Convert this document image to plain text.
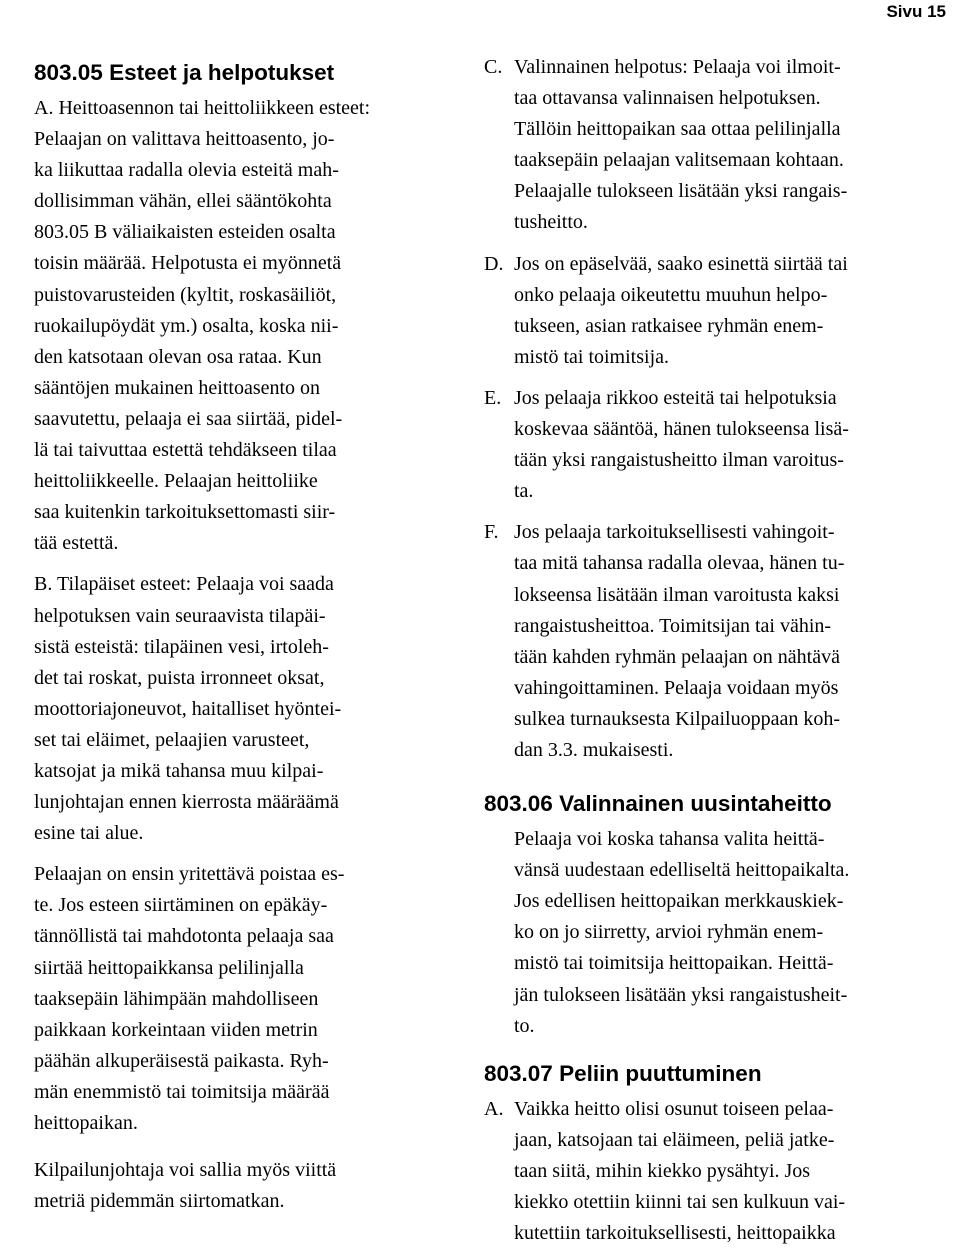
Sivu 15
803.05 Esteet ja helpotukset
A. Heittoasennon tai heittoliikkeen esteet:
Pelaajan on valittava heittoasento, jo-
ka liikuttaa radalla olevia esteitä mah-
dollisimman vähän, ellei sääntökohta
803.05 B väliaikaisten esteiden osalta
toisin määrää. Helpotusta ei myönnetä
puistovarusteiden (kyltit, roskasäiliöt,
ruokailupöydät ym.) osalta, koska nii-
den katsotaan olevan osa rataa. Kun
sääntöjen mukainen heittoasento on
saavutettu, pelaaja ei saa siirtää, pidel-
lä tai taivuttaa estettä tehdäkseen tilaa
heittoliikkeelle. Pelaajan heittoliike
saa kuitenkin tarkoituksettomasti siir-
tää estettä.
B. Tilapäiset esteet: Pelaaja voi saada
helpotuksen vain seuraavista tilapäi-
sistä esteistä: tilapäinen vesi, irtoleh-
det tai roskat, puista irronneet oksat,
moottoriajoneuvot, haitalliset hyöntei-
set tai eläimet, pelaajien varusteet,
katsojat ja mikä tahansa muu kilpai-
lunjohtajan ennen kierrosta määräämä
esine tai alue.
Pelaajan on ensin yritettävä poistaa es-
te. Jos esteen siirtäminen on epäkäy-
tännöllistä tai mahdotonta pelaaja saa
siirtää heittopaikkansa pelilinjalla
taaksepäin lähimpään mahdolliseen
paikkaan korkeintaan viiden metrin
päähän alkuperäisestä paikasta. Ryh-
män enemmistö tai toimitsija määrää
heittopaikan.
Kilpailunjohtaja voi sallia myös viittä
metriä pidemmän siirtomatkan.
C. Valinnainen helpotus: Pelaaja voi ilmoit-
taa ottavansa valinnaisen helpotuksen.
Tällöin heittopaikan saa ottaa pelilinjalla
taaksepäin pelaajan valitsemaan kohtaan.
Pelaajalle tulokseen lisätään yksi rangais-
tusheitto.
D. Jos on epäselvää, saako esinettä siirtää tai
onko pelaaja oikeutettu muuhun helpo-
tukseen, asian ratkaisee ryhmän enem-
mistö tai toimitsija.
E. Jos pelaaja rikkoo esteitä tai helpotuksia
koskevaa sääntöä, hänen tulokseensa lisä-
tään yksi rangaistusheitto ilman varoitus-
ta.
F. Jos pelaaja tarkoituksellisesti vahingoit-
taa mitä tahansa radalla olevaa, hänen tu-
lokseensa lisätään ilman varoitusta kaksi
rangaistusheittoa. Toimitsijan tai vähin-
tään kahden ryhmän pelaajan on nähtävä
vahingoittaminen. Pelaaja voidaan myös
sulkea turnauksesta Kilpailuoppaan koh-
dan 3.3. mukaisesti.
803.06 Valinnainen uusintaheitto
Pelaaja voi koska tahansa valita heittä-
vänsä uudestaan edelliseltä heittopaikalta.
Jos edellisen heittopaikan merkkauskiek-
ko on jo siirretty, arvioi ryhmän enem-
mistö tai toimitsija heittopaikan. Heittä-
jän tulokseen lisätään yksi rangaistusheit-
to.
803.07 Peliin puuttuminen
A. Vaikka heitto olisi osunut toiseen pelaa-
jaan, katsojaan tai eläimeen, peliä jatke-
taan siitä, mihin kiekko pysähtyi. Jos
kiekko otettiin kiinni tai sen kulkuun vai-
kutettiin tarkoituksellisesti, heittopaikka
